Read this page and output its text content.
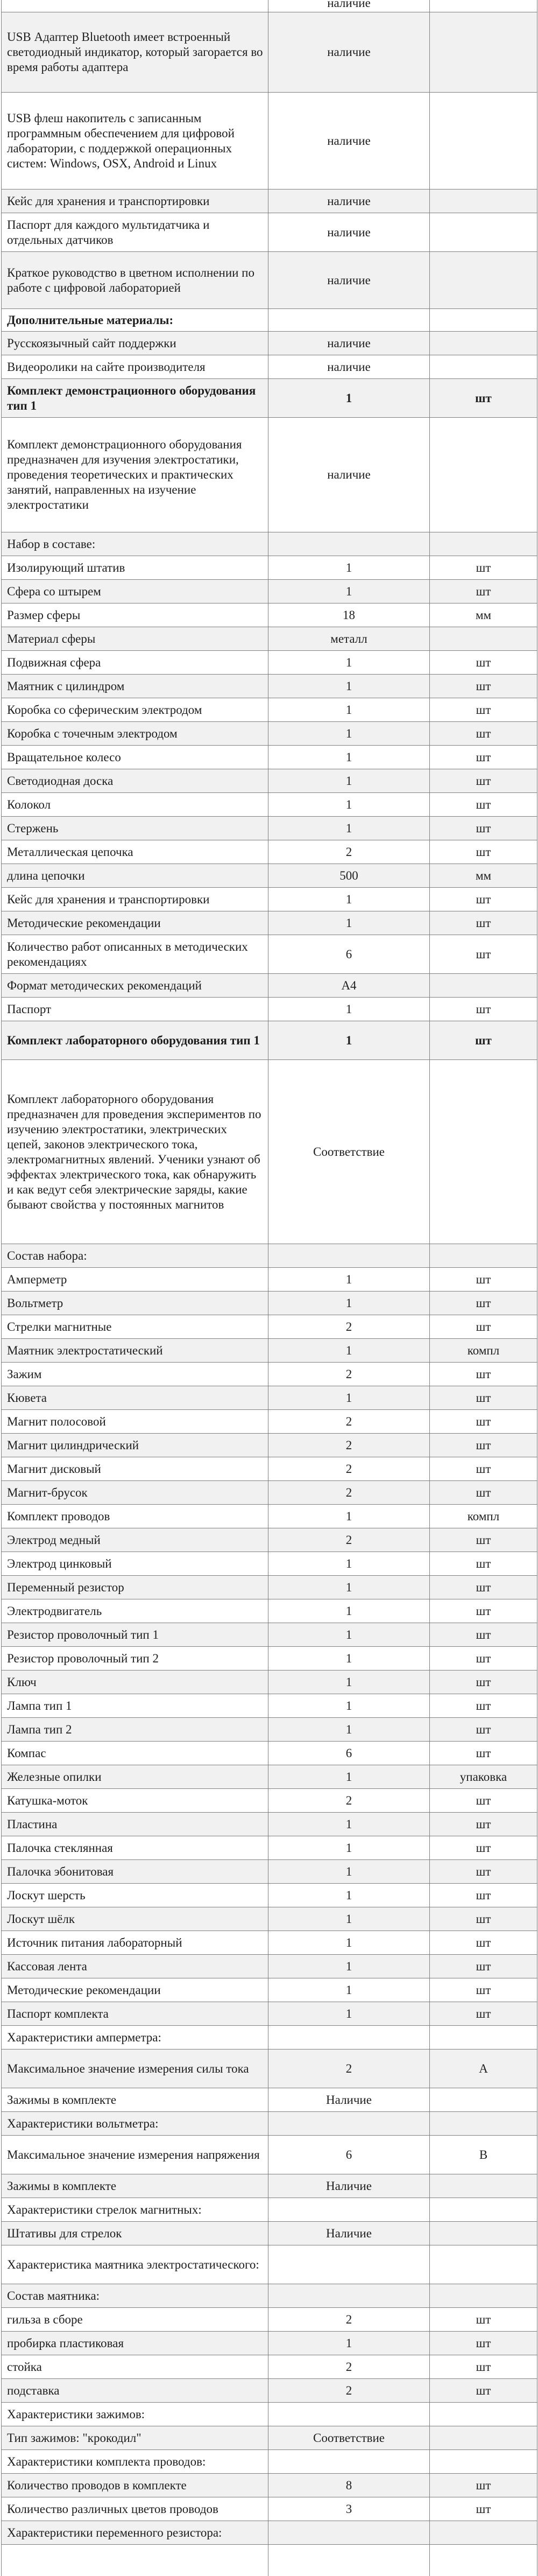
	наличие	
USB Адаптер Bluetooth имеет встроенный светодиодный индикатор, который загорается во время работы адаптера	наличие	
USB флеш накопитель с записанным программным обеспечением для цифровой лаборатории, с поддержкой операционных систем: Windows, OSX, Android и Linux	наличие	
Кейс для хранения и транспортировки	наличие	
Паспорт для каждого мультидатчика и отдельных датчиков	наличие	
Краткое руководство в цветном исполнении по работе с цифровой лабораторией	наличие	
Дополнительные материалы:		
Русскоязычный сайт поддержки	наличие	
Видеоролики на сайте производителя	наличие	
Комплект демонстрационного оборудования тип 1	1	шт
Комплект демонстрационного оборудования предназначен для изучения электростатики, проведения теоретических и практических занятий, направленных на изучение электростатики	наличие	
Набор в составе:		
Изолирующий штатив	1	шт
Сфера со штырем	1	шт
Размер сферы	18	мм
Материал сферы	металл	
Подвижная сфера	1	шт
Маятник с цилиндром	1	шт
Коробка со сферическим электродом	1	шт
Коробка с точечным электродом	1	шт
Вращательное колесо	1	шт
Светодиодная доска	1	шт
Колокол	1	шт
Стержень	1	шт
Металлическая цепочка	2	шт
длина цепочки	500	мм
Кейс для хранения и транспортировки	1	шт
Методические рекомендации	1	шт
Количество работ описанных в методических рекомендациях	6	шт
Формат методических рекомендаций	А4	
Паспорт	1	шт
Комплект лабораторного оборудования тип 1	1	шт
Комплект лабораторного оборудования предназначен для проведения экспериментов по изучению электростатики, электрических цепей, законов электрического тока, электромагнитных явлений. Ученики узнают об эффектах электрического тока, как обнаружить и как ведут себя электрические заряды, какие бывают свойства у постоянных магнитов	Соответствие	
Состав набора:		
Амперметр	1	шт
Вольтметр	1	шт
Стрелки магнитные	2	шт
Маятник электростатический	1	компл
Зажим	2	шт
Кювета	1	шт
Магнит полосовой	2	шт
Магнит цилиндрический	2	шт
Магнит дисковый	2	шт
Магнит-брусок	2	шт
Комплект проводов	1	компл
Электрод медный	2	шт
Электрод цинковый	1	шт
Переменный резистор	1	шт
Электродвигатель	1	шт
Резистор проволочный тип 1	1	шт
Резистор проволочный тип 2	1	шт
Ключ	1	шт
Лампа тип 1	1	шт
Лампа тип 2	1	шт
Компас	6	шт
Железные опилки	1	упаковка
Катушка-моток	2	шт
Пластина	1	шт
Палочка стеклянная	1	шт
Палочка эбонитовая	1	шт
Лоскут шерсть	1	шт
Лоскут шёлк	1	шт
Источник питания лабораторный	1	шт
Кассовая лента	1	шт
Методические рекомендации	1	шт
Паспорт комплекта	1	шт
Характеристики амперметра:		
Максимальное значение измерения силы тока	2	А
Зажимы в комплекте	Наличие	
Характеристики вольтметра:		
Максимальное значение измерения напряжения	6	В
Зажимы в комплекте	Наличие	
Характеристики стрелок магнитных:		
Штативы для стрелок	Наличие	
Характеристика маятника электростатического:		
Состав маятника:		
гильза в сборе	2	шт
пробирка пластиковая	1	шт
стойка	2	шт
подставка	2	шт
Характеристики зажимов:		
Тип зажимов: "крокодил"	Соответствие	
Характеристики комплекта проводов:		
Количество проводов в комплекте	8	шт
Количество различных цветов проводов	3	шт
Характеристики переменного резистора:		
